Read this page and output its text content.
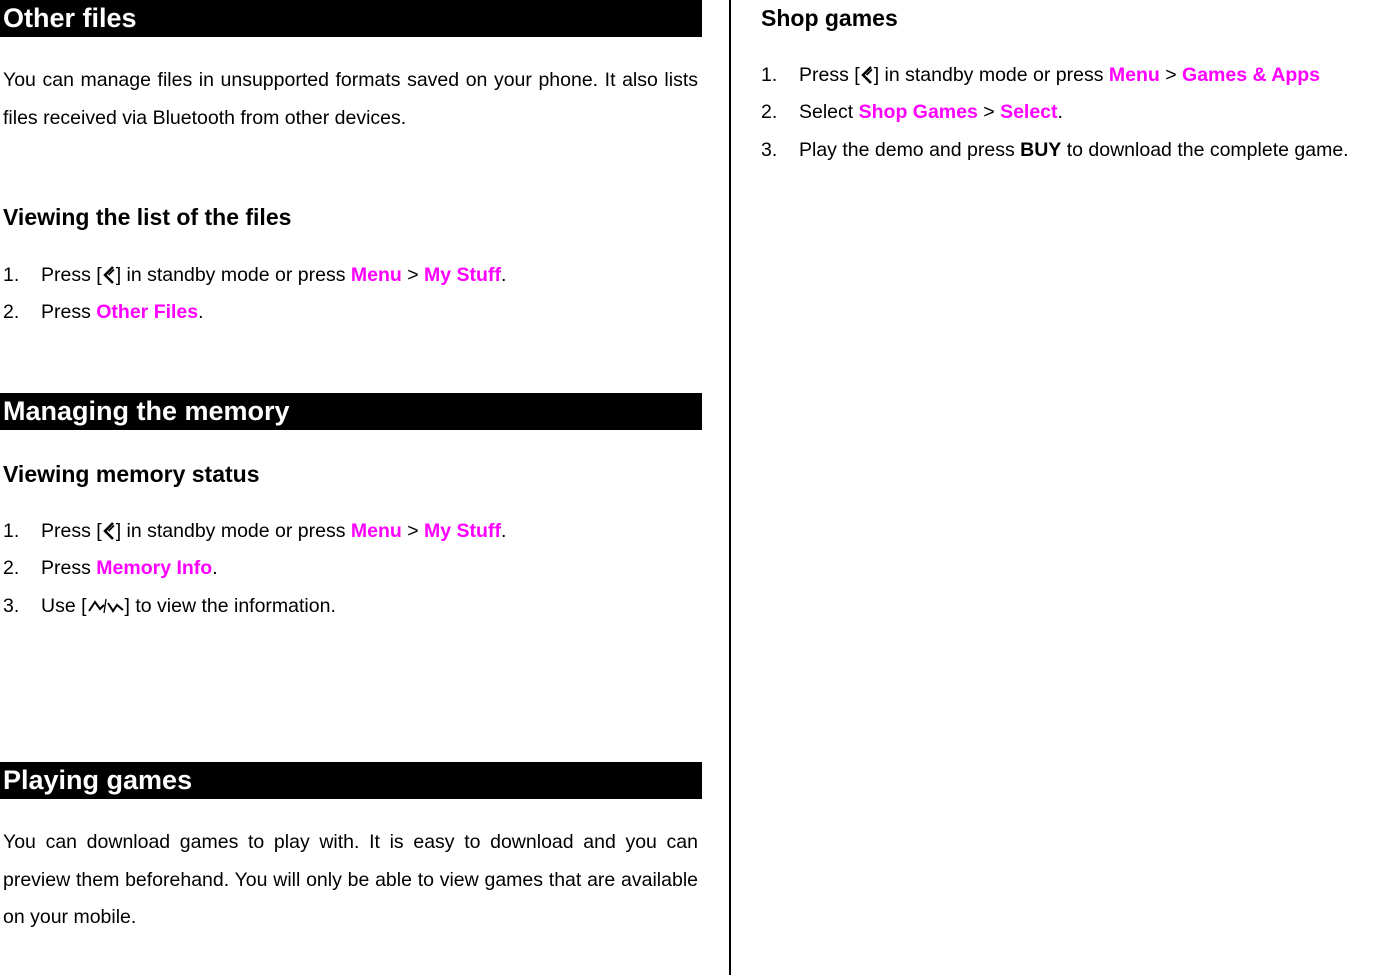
Other files

You can manage files in unsupported formats saved on your phone. It also lists files received via Bluetooth from other devices.

Viewing the list of the files
1. Press [ ] in standby mode or press Menu > My Stuff.
2. Press Other Files.
Managing the memory
Viewing memory status
1. Press [ ] in standby mode or press Menu > My Stuff.
2. Press Memory Info.
3. Use [ ] to view the information.
Playing games

You can download games to play with. It is easy to download and you can preview them beforehand. You will only be able to view games that are available on your mobile.

Shop games
1. Press [ ] in standby mode or press Menu > Games & Apps
2. Select Shop Games > Select.
3. Play the demo and press BUY to download the complete game.
